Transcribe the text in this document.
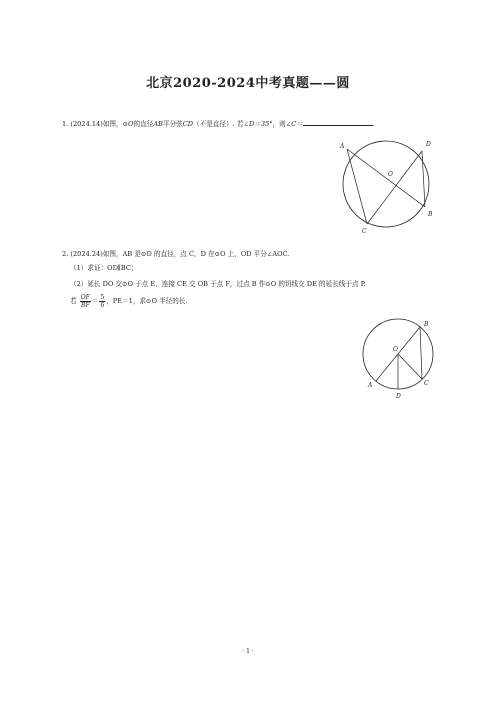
北京2020-2024中考真题——圆
1. (2024.14)如图，⊙O的直径AB平分弦CD（不是直径）. 若∠D＝35°，则∠C＝	.
A	D
O
B
C
2. (2024.24)如图，AB 是⊙O 的直径，点 C，D 在⊙O 上，OD 平分∠AOC.
（1）求证：OD∥BC；
（2）延长 DO 交⊙O 于点 E，连接 CE 交 OB 于点 F，过点 B 作⊙O 的切线交 DE 的延长线于点 P.
若 $\frac{OF}{BF} = \frac{5}{6}$ ，PE＝1，求⊙O 半径的长.
B
O
A	C
D
· 1 ·
